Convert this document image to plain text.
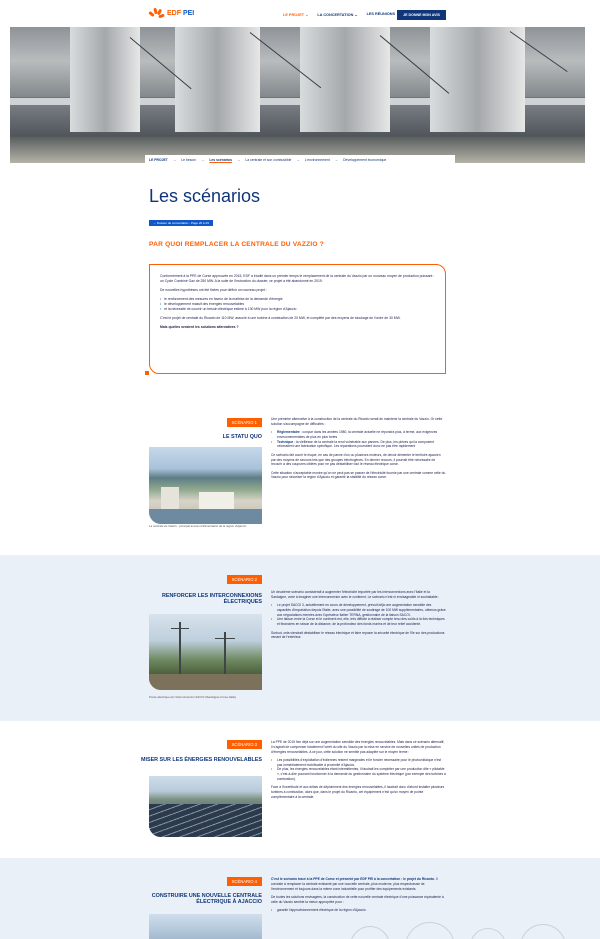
EDF PEI	LE PROJET ⌄ LA CONCERTATION ⌄ LES RÉUNIONS	JE DONNE MON AVIS
LE PROJET → Le besoin → Les scénarios → La centrale et son combustible → L'environnement → Développement économique
Les scénarios
→ Dossier de concertation - Page 20 à 29
PAR QUOI REMPLACER LA CENTRALE DU VAZZIO ?

Conformément à la PPE de Corse approuvée en 2015, EDF a étudié dans un premier temps le remplacement de la centrale du Vazzio par un nouveau moyen de production puissant : un Cycle Combiné Gaz de 250 MW. A la suite de l'instruction du dossier, ce projet a été abandonné en 2019.

De nouvelles hypothèses ont été fixées pour définir un nouveau projet :

• le renforcement des mesures en faveur de la maîtrise de la demande d'énergie
• le développement massif des énergies renouvelables
• et la nécessité de couvrir un besoin électrique estimé à 130 MW pour la région d'Ajaccio

C'est le projet de centrale du Ricanto de 110 MW, associé à une turbine à combustion de 20 MW, et complété par des moyens de stockage de l'ordre de 30 MW.

Mais quelles seraient les solutions alternatives ?

SCÉNARIO 1
LE STATU QUO
La centrale du Vazzio : principal access d'alimentation de la région d'Ajaccio

Une première alternative à la construction de la centrale du Ricanto serait de maintenir la centrale du Vazzio. Or cette solution s'accompagne de difficultés :

• Réglementaire : conçue dans les années 1980, la centrale actuelle ne répondra plus, à terme, aux exigences environnementales de plus en plus fortes
• Technique : la vieillesse de la centrale la rend vulnérable aux pannes. De plus, les pièces qui la composent nécessitent une fabrication spécifique. Les réparations pourraient donc ne pas être rapidement

Ce scénario fait courir le risque, en cas de panne d'un ou plusieurs moteurs, de devoir alimenter le territoire ajaccien par des moyens de secours tels que des groupes électrogènes. En dernier recours, il pourrait être nécessaire de recourir à des coupures ciblées pour ne pas déstabiliser tout le réseau électrique corse.

Cette situation n'acceptable montre qu'on ne peut pas se passer de l'électricité fournie par une centrale comme celle du Vazzio pour sécuriser la région d'Ajaccio et garantir la stabilité du réseau corse.

SCÉNARIO 2
RENFORCER LES INTERCONNEXIONS ÉLECTRIQUES
Poste électrique de l'interconnexion SACOI (Sardaigne-Corse-Italie)

Un deuxième scénario consisterait à augmenter l'électricité importée par les interconnexions avec l'Italie et la Sardaigne, voire à imaginer une interconnexion avec le continent. Le scénario n'est ni envisageable ni souhaitable :

• Le projet SACOI 3, actuellement en cours de développement, prevoit déjà une augmentation sensible des capacités d'importation depuis l'Italie, avec une possibilité de soutirage de 100 MW supplémentaires, obtenus grâce aux négociations menées avec l'opérateur Italien TERNA, gestionnaire de la liaison SACOI.
• Une liaison entre la Corse et le continent est, elle, très difficile à réaliser compte tenu des coûts à la fois techniques et financiers en raison de la distance, de la profondeur des fonds marins et de leur relief accidenté.

Surtout, cela viendrait déstabiliser le réseau électrique et faire reposer la sécurité électrique de l'île sur des productions venant de l'extérieur.

SCÉNARIO 3
MISER SUR LES ÉNERGIES RENOUVELABLES

La PPE de 2015 fixe déjà sur une augmentation sensible des énergies renouvelables. Mais dans ce scénario alternatif, il s'agirait de compenser totalement l'arrêt du site du Vazzio par la mise en service de nouvelles unités de production d'énergies renouvelables. A ce jour, cette solution ne semble pas adaptée sur le moyen terme :

• Les possibilités d'exploitation d'éoliennes restent marginales et le foncier nécessaire pour le photovoltaïque n'est pas immédiatement mobilisable à proximité d'Ajaccio.
• De plus, les énergies renouvelables étant intermittentes, il faudrait les compléter par une production dite « pilotable », c'est-à-dire pouvant fonctionner à la demande du gestionnaire du système électrique (par exemple des turbines à combustion).

Face à l'incertitude et aux délais de déploiement des énergies renouvelables, il faudrait donc d'abord installer plusieurs turbines à combustion, alors que, dans le projet du Ricanto, cet équipement n'est qu'un moyen de pointe complémentaire à la centrale.

SCÉNARIO 4
CONSTRUIRE UNE NOUVELLE CENTRALE ÉLECTRIQUE À AJACCIO

C'est le scénario tracé à la PPE de Corse et présenté par EDF PEI à la concertation : le projet du Ricanto. Il consiste à remplacer la centrale existante par une nouvelle centrale, plus moderne, plus respectueuse de l'environnement et toujours dans la même zone industrielle pour profiter des équipements existants.

De toutes les solutions envisagées, la construction de cette nouvelle centrale électrique d'une puissance équivalente à celle du Vazzio semble la mieux appropriée pour :

• garantir l'approvisionnement électrique de la région d'Ajaccio
